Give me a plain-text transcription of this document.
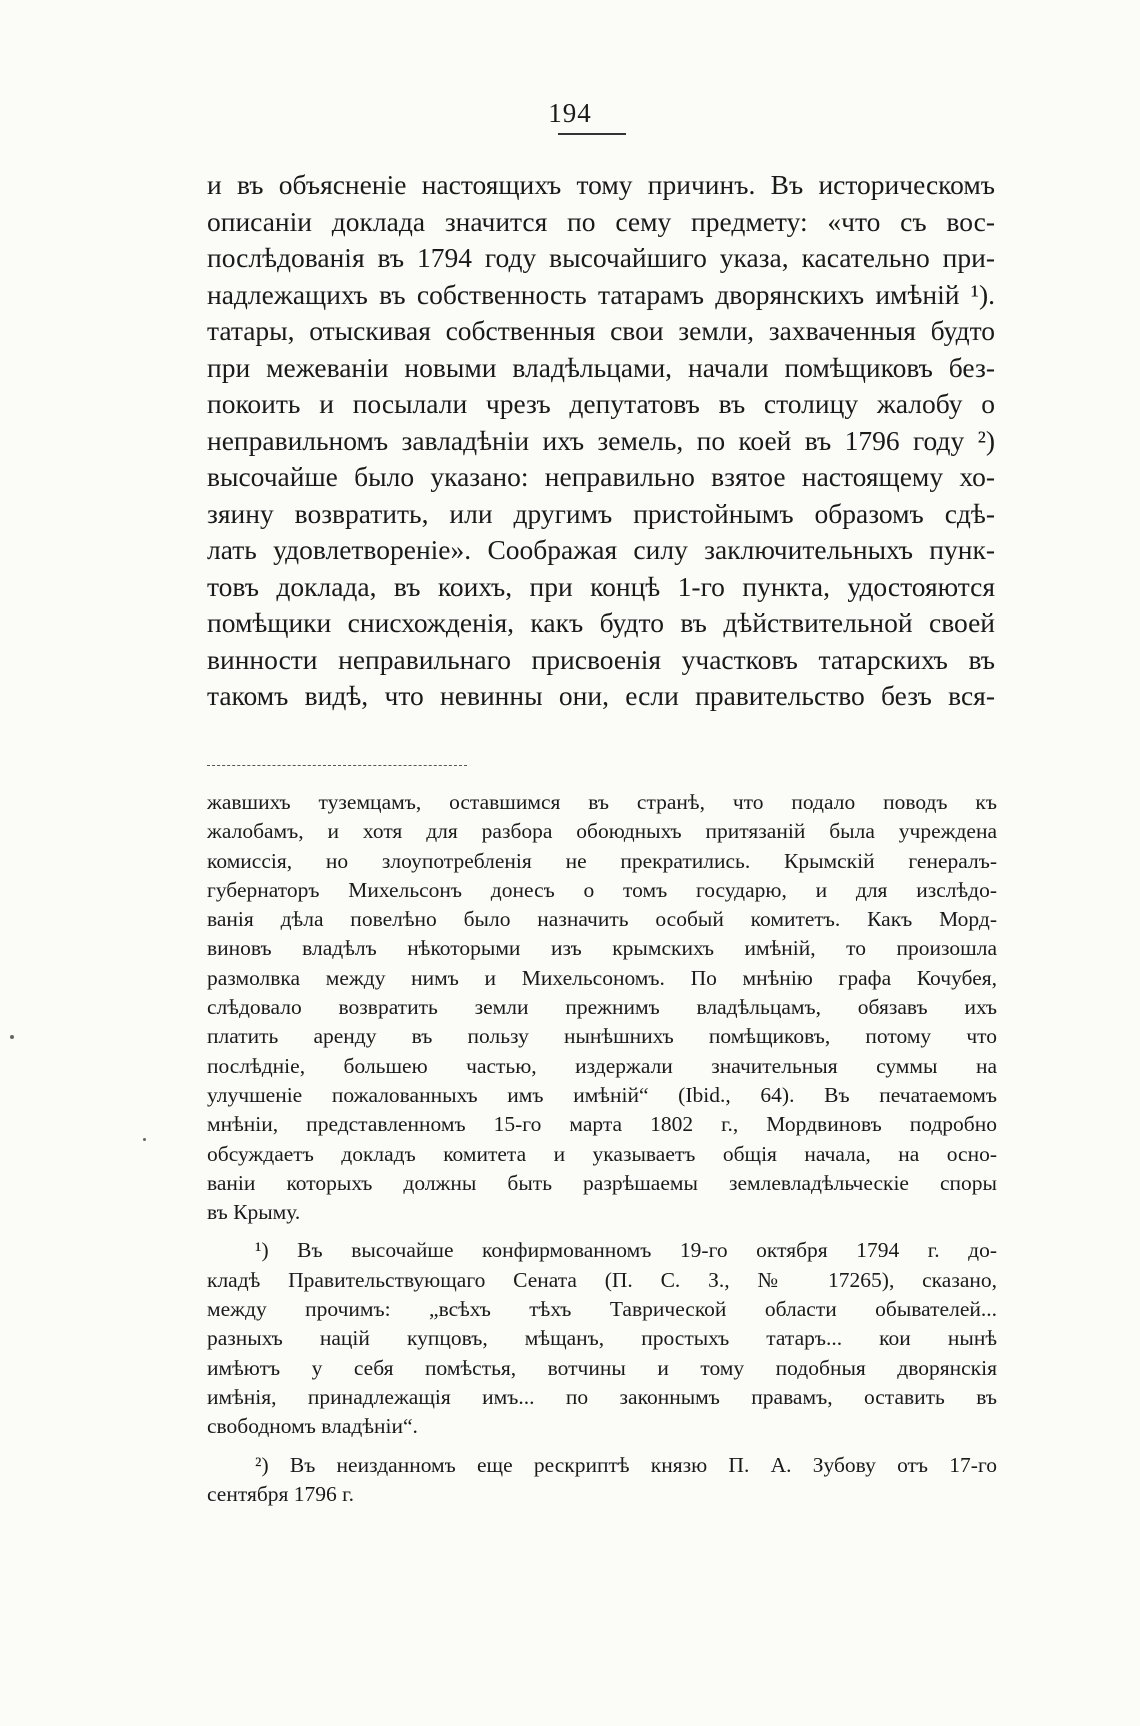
194
и въ объясненіе настоящихъ тому причинъ. Въ историческомъ
описаніи доклада значится по сему предмету: «что съ вос-
послѣдованія въ 1794 году высочайшиго указа, касательно при-
надлежащихъ въ собственность татарамъ дворянскихъ имѣній ¹).
татары, отыскивая собственныя свои земли, захваченныя будто
при межеваніи новыми владѣльцами, начали помѣщиковъ без-
покоить и посылали чрезъ депутатовъ въ столицу жалобу о
неправильномъ завладѣніи ихъ земель, по коей въ 1796 году ²)
высочайше было указано: неправильно взятое настоящему хо-
зяину возвратить, или другимъ пристойнымъ образомъ сдѣ-
лать удовлетвореніе». Соображая силу заключительныхъ пунк-
товъ доклада, въ коихъ, при концѣ 1-го пункта, удостояются
помѣщики снисхожденія, какъ будто въ дѣйствительной своей
винности неправильнаго присвоенія участковъ татарскихъ въ
такомъ видѣ, что невинны они, если правительство безъ вся-
жавшихъ туземцамъ, оставшимся въ странѣ, что подало поводъ къ
жалобамъ, и хотя для разбора обоюдныхъ притязаній была учреждена
комиссія, но злоупотребленія не прекратились. Крымскій генералъ-
губернаторъ Михельсонъ донесъ о томъ государю, и для изслѣдо-
ванія дѣла повелѣно было назначить особый комитетъ. Какъ Морд-
виновъ владѣлъ нѣкоторыми изъ крымскихъ имѣній, то произошла
размолвка между нимъ и Михельсономъ. По мнѣнію графа Кочубея,
слѣдовало возвратить земли прежнимъ владѣльцамъ, обязавъ ихъ
платить аренду въ пользу нынѣшнихъ помѣщиковъ, потому что
послѣдніе, большею частью, издержали значительныя суммы на
улучшеніе пожалованныхъ имъ имѣній“ (Ibid., 64). Въ печатаемомъ
мнѣніи, представленномъ 15-го марта 1802 г., Мордвиновъ подробно
обсуждаетъ докладъ комитета и указываетъ общія начала, на осно-
ваніи которыхъ должны быть разрѣшаемы землевладѣльческіе споры
въ Крыму.
¹) Въ высочайше конфирмованномъ 19-го октября 1794 г. до-
кладѣ Правительствующаго Сената (П. С. З., № 17265), сказано,
между прочимъ: „всѣхъ тѣхъ Таврической области обывателей...
разныхъ націй купцовъ, мѣщанъ, простыхъ татаръ... кои нынѣ
имѣютъ у себя помѣстья, вотчины и тому подобныя дворянскія
имѣнія, принадлежащія имъ... по законнымъ правамъ, оставить въ
свободномъ владѣніи“.
²) Въ неизданномъ еще рескриптѣ князю П. А. Зубову отъ 17-го
сентября 1796 г.
